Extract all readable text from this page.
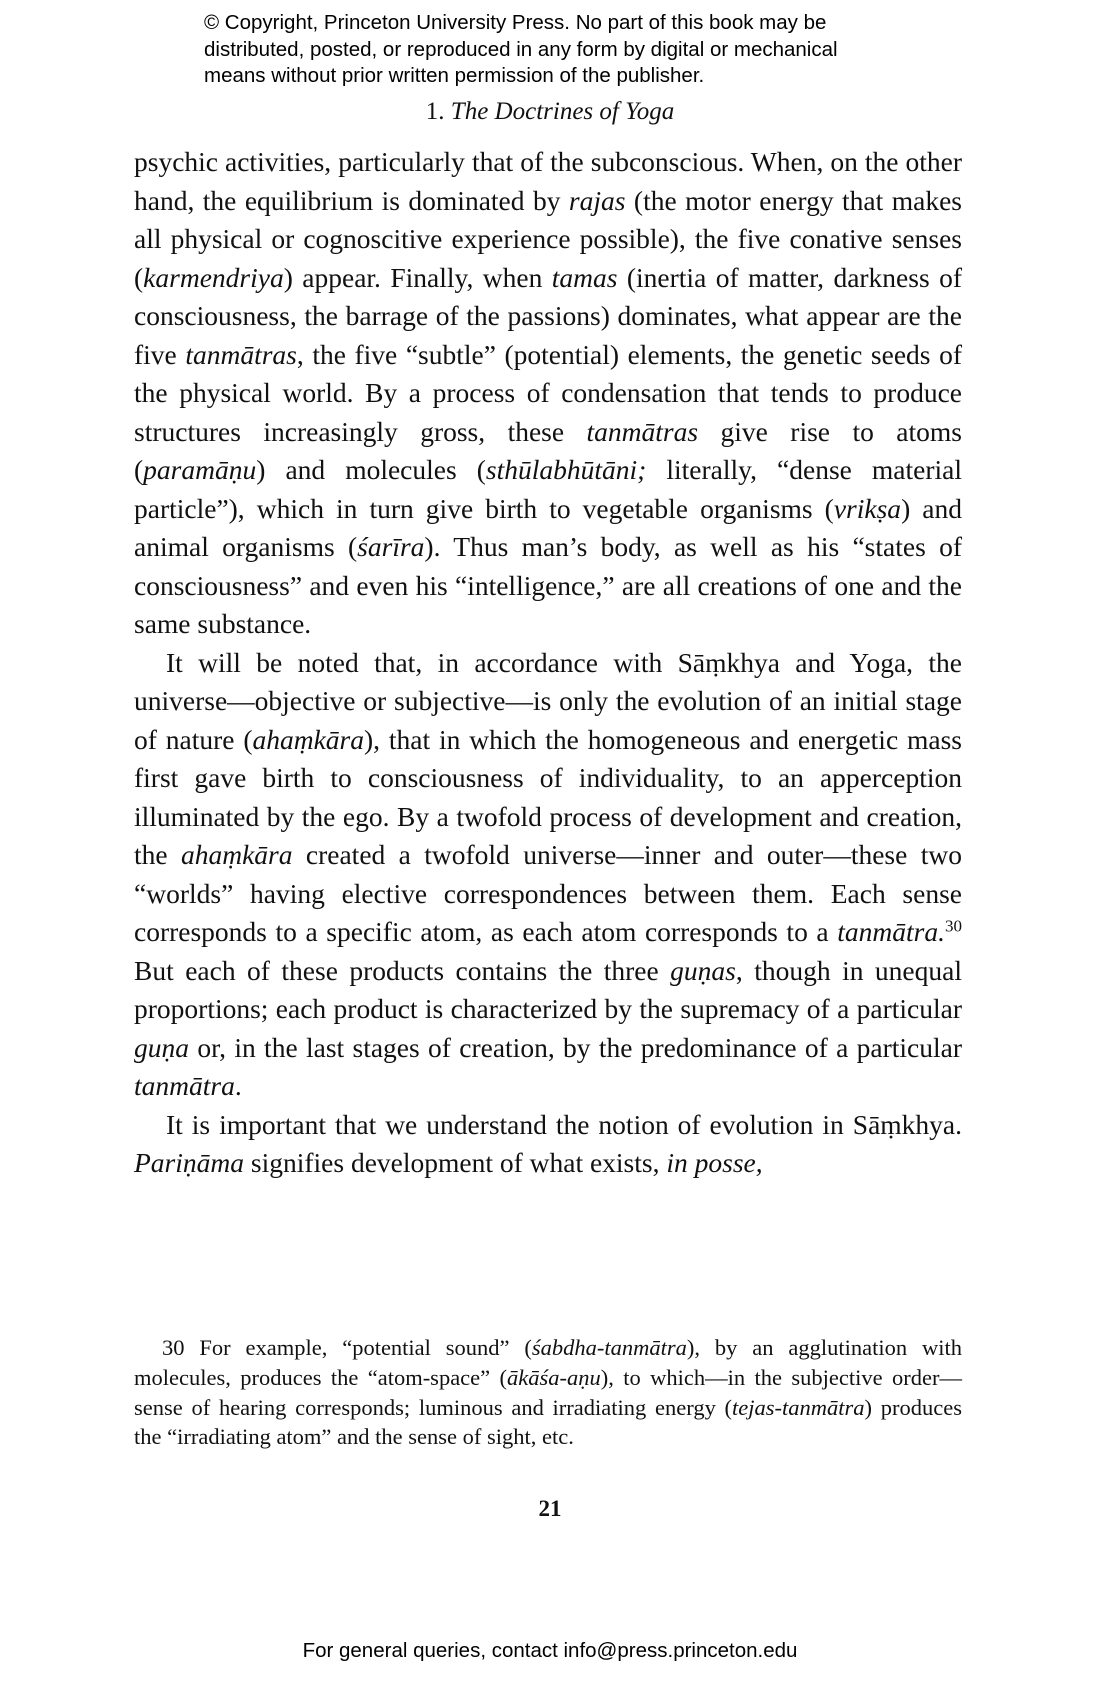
© Copyright, Princeton University Press. No part of this book may be
distributed, posted, or reproduced in any form by digital or mechanical
means without prior written permission of the publisher.
1. The Doctrines of Yoga

psychic activities, particularly that of the subconscious. When, on the other hand, the equilibrium is dominated by rajas (the motor energy that makes all physical or cognoscitive experience possible), the five conative senses (karmendriya) appear. Finally, when tamas (inertia of matter, darkness of consciousness, the barrage of the passions) dominates, what appear are the five tanmātras, the five “subtle” (potential) elements, the genetic seeds of the physical world. By a process of condensation that tends to produce structures increasingly gross, these tanmātras give rise to atoms (paramāṇu) and molecules (sthūlabhūtāni; literally, “dense material particle”), which in turn give birth to vegetable organisms (vrikṣa) and animal organisms (śarīra). Thus man’s body, as well as his “states of consciousness” and even his “intelligence,” are all creations of one and the same substance.

It will be noted that, in accordance with Sāṃkhya and Yoga, the universe—objective or subjective—is only the evolution of an initial stage of nature (ahaṃkāra), that in which the homogeneous and energetic mass first gave birth to consciousness of individuality, to an apperception illuminated by the ego. By a twofold process of development and creation, the ahaṃkāra created a twofold universe—inner and outer—these two “worlds” having elective correspondences between them. Each sense corresponds to a specific atom, as each atom corresponds to a tanmātra.$^{30}$ But each of these products contains the three guṇas, though in unequal proportions; each product is characterized by the supremacy of a particular guṇa or, in the last stages of creation, by the predominance of a particular tanmātra.

It is important that we understand the notion of evolution in Sāṃkhya. Pariṇāma signifies development of what exists, in posse,

30 For example, “potential sound” (śabdha-tanmātra), by an agglutination with molecules, produces the “atom-space” (ākāśa-aṇu), to which—in the subjective order—sense of hearing corresponds; luminous and irradiating energy (tejas-tanmātra) produces the “irradiating atom” and the sense of sight, etc.

21
For general queries, contact info@press.princeton.edu
